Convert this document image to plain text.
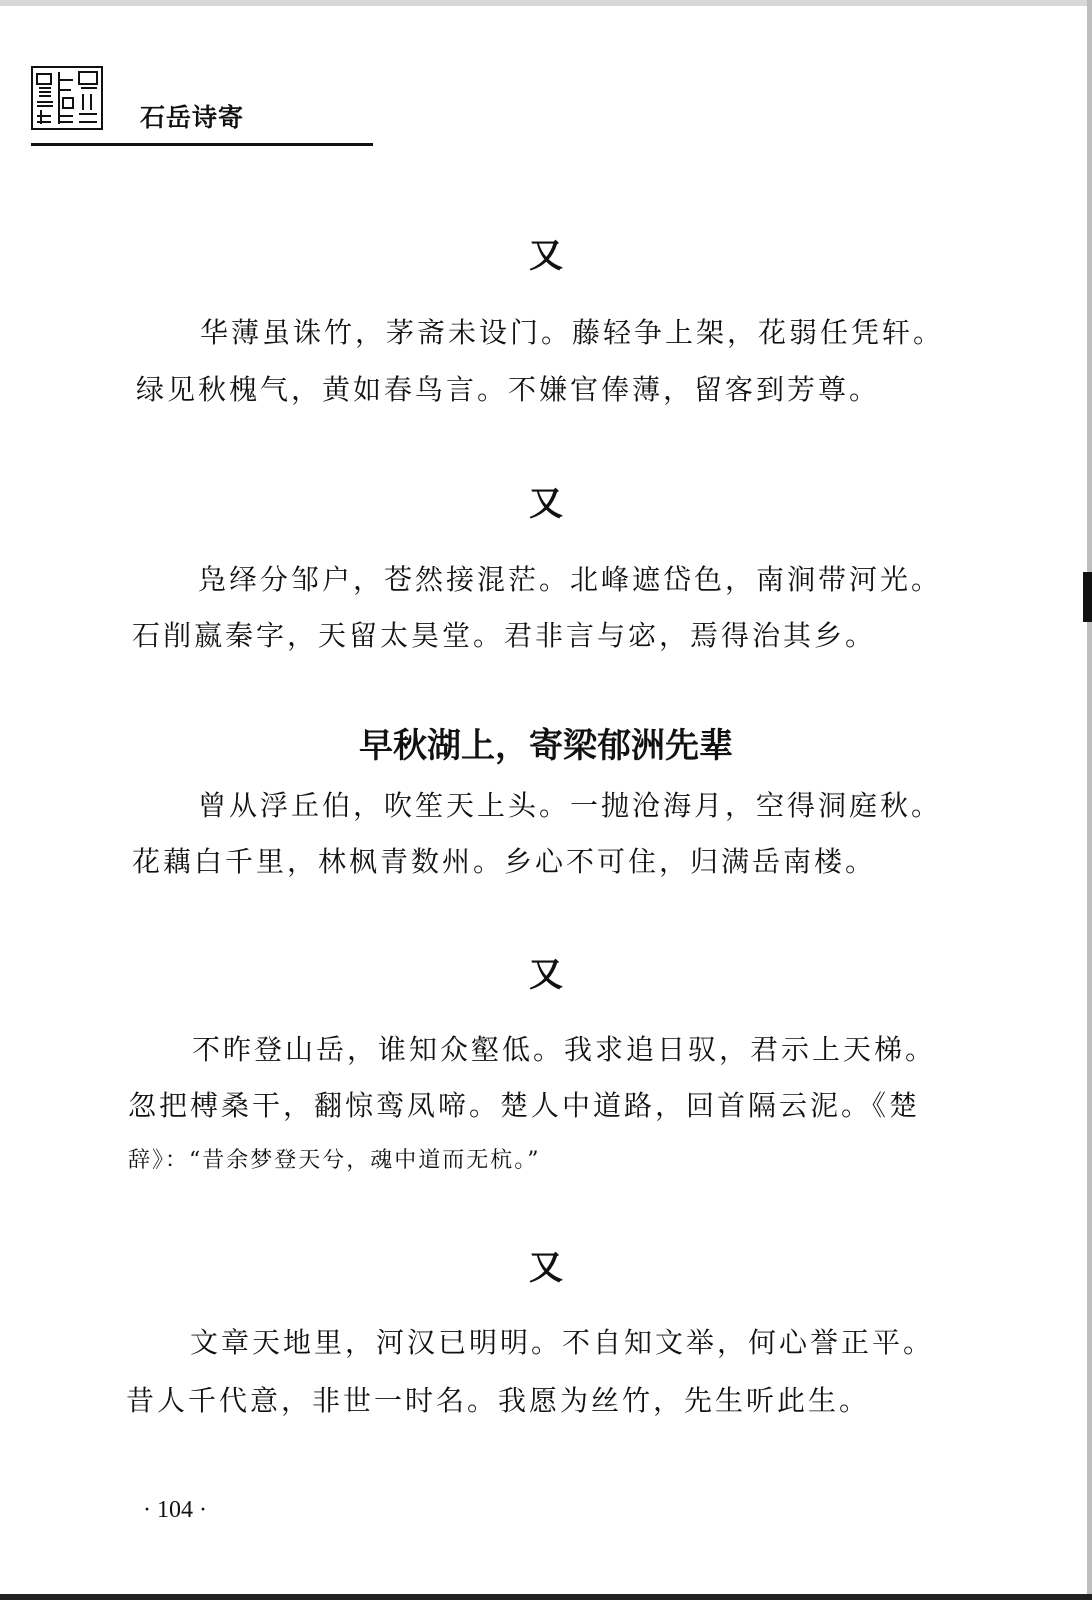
石岳诗寄
又
华薄虽诛竹，茅斋未设门。藤轻争上架，花弱任凭轩。
绿见秋槐气，黄如春鸟言。不嫌官俸薄，留客到芳尊。
又
凫绎分邹户，苍然接混茫。北峰遮岱色，南涧带河光。
石削嬴秦字，天留太昊堂。君非言与宓，焉得治其乡。
早秋湖上，寄梁郁洲先辈
曾从浮丘伯，吹笙天上头。一抛沧海月，空得洞庭秋。
花藕白千里，林枫青数州。乡心不可住，归满岳南楼。
又
不昨登山岳，谁知众壑低。我求追日驭，君示上天梯。
忽把榑桑干，翻惊鸾凤啼。楚人中道路，回首隔云泥。《楚
辞》：“昔余梦登天兮，魂中道而无杭。”
又
文章天地里，河汉已明明。不自知文举，何心誉正平。
昔人千代意，非世一时名。我愿为丝竹，先生听此生。
· 104 ·
